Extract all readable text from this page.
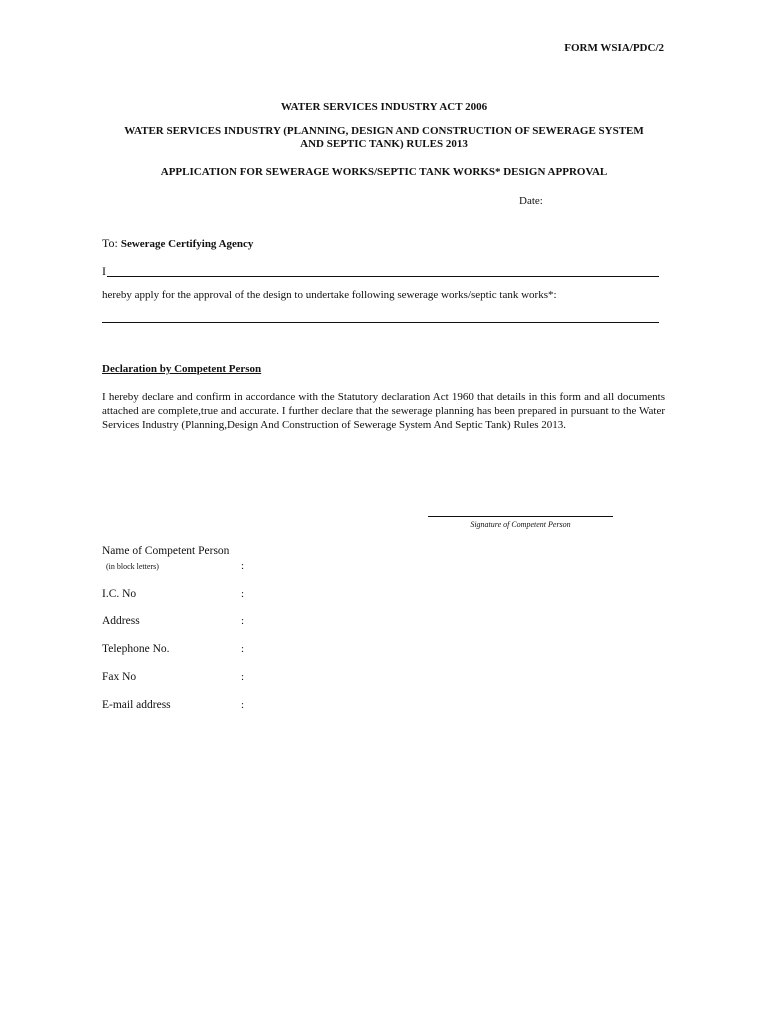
FORM WSIA/PDC/2
WATER SERVICES INDUSTRY ACT 2006
WATER SERVICES INDUSTRY (PLANNING, DESIGN AND CONSTRUCTION OF SEWERAGE SYSTEM
AND SEPTIC TANK) RULES 2013
APPLICATION FOR SEWERAGE WORKS/SEPTIC TANK WORKS* DESIGN APPROVAL
Date:
To: Sewerage Certifying Agency
I
hereby apply for the approval of the design to undertake following sewerage works/septic tank works*:
Declaration by Competent Person
I hereby declare and confirm in accordance with the Statutory declaration Act 1960 that details in this form and all documents attached are complete,true and accurate. I further declare that the sewerage planning has been prepared in pursuant to the Water Services Industry (Planning,Design And Construction of Sewerage System And Septic Tank) Rules 2013.
Signature of Competent Person
Name of Competent Person
(in block letters)	:
I.C. No	:
Address	:
Telephone No.	:
Fax No	:
E-mail address	:
